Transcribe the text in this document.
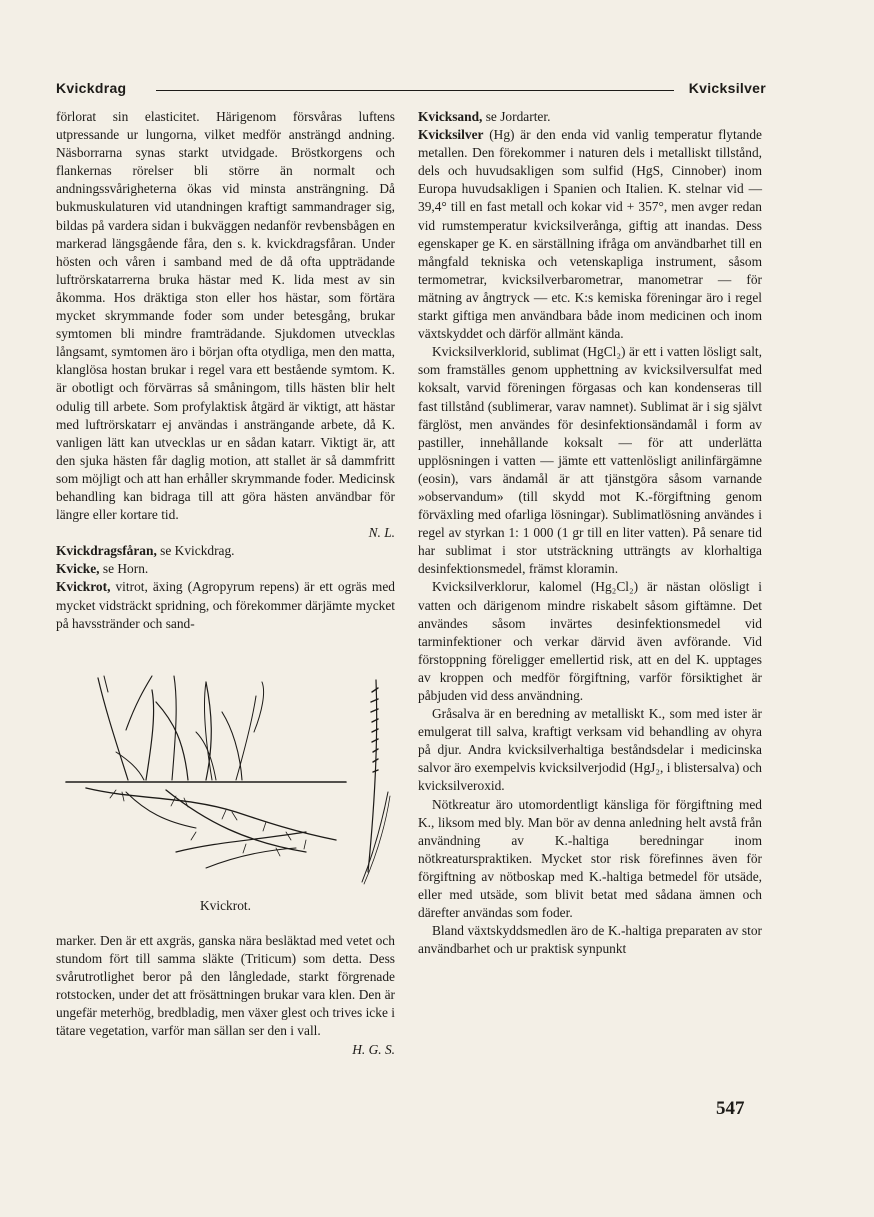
Kvickdrag	Kvicksilver

förlorat sin elasticitet. Härigenom försvåras luftens utpressande ur lungorna, vilket medför ansträngd andning. Näsborrarna synas starkt utvidgade. Bröstkorgens och flankernas rörelser bli större än normalt och andningssvårigheterna ökas vid minsta ansträngning. Då bukmuskulaturen vid utandningen kraftigt sammandrager sig, bildas på vardera sidan i bukväggen nedanför revbensbågen en markerad längsgående fåra, den s. k. kvickdragsfåran. Under hösten och våren i samband med de då ofta uppträdande luftrörskatarrerna bruka hästar med K. lida mest av sin åkomma. Hos dräktiga ston eller hos hästar, som förtära mycket skrymmande foder som under betesgång, brukar symtomen bli mindre framträdande. Sjukdomen utvecklas långsamt, symtomen äro i början ofta otydliga, men den matta, klanglösa hostan brukar i regel vara ett bestående symtom. K. är obotligt och förvärras så småningom, tills hästen blir helt odulig till arbete. Som profylaktisk åtgärd är viktigt, att hästar med luftrörskatarr ej användas i ansträngande arbete, då K. vanligen lätt kan utvecklas ur en sådan katarr. Viktigt är, att den sjuka hästen får daglig motion, att stallet är så dammfritt som möjligt och att han erhåller skrymmande foder. Medicinsk behandling kan bidraga till att göra hästen användbar för längre eller kortare tid.
N. L.

Kvickdragsfåran, se Kvickdrag.

Kvicke, se Horn.

Kvickrot, vitrot, äxing (Agropyrum repens) är ett ogräs med mycket vidsträckt spridning, och förekommer därjämte mycket på havsstränder och sand-

Kvickrot.

marker. Den är ett axgräs, ganska nära besläktad med vetet och stundom fört till samma släkte (Triticum) som detta. Dess svårutrotlighet beror på den långledade, starkt förgrenade rotstocken, under det att frösättningen brukar vara klen. Den är ungefär meterhög, bredbladig, men växer glest och trives icke i tätare vegetation, varför man sällan ser den i vall.
H. G. S.

Kvicksand, se Jordarter.

Kvicksilver (Hg) är den enda vid vanlig temperatur flytande metallen. Den förekommer i naturen dels i metalliskt tillstånd, dels och huvudsakligen som sulfid (HgS, Cinnober) inom Europa huvudsakligen i Spanien och Italien. K. stelnar vid — 39,4° till en fast metall och kokar vid + 357°, men avger redan vid rumstemperatur kvicksilverånga, giftig att inandas. Dess egenskaper ge K. en särställning ifråga om användbarhet till en mångfald tekniska och vetenskapliga instrument, såsom termometrar, kvicksilverbarometrar, manometrar — för mätning av ångtryck — etc. K:s kemiska föreningar äro i regel starkt giftiga men användbara både inom medicinen och inom växtskyddet och därför allmänt kända.

Kvicksilverklorid, sublimat (HgCl₂) är ett i vatten lösligt salt, som framställes genom upphettning av kvicksilversulfat med koksalt, varvid föreningen förgasas och kan kondenseras till fast tillstånd (sublimerar, varav namnet). Sublimat är i sig självt färglöst, men användes för desinfektionsändamål i form av pastiller, innehållande koksalt — för att underlätta upplösningen i vatten — jämte ett vattenlösligt anilinfärgämne (eosin), vars ändamål är att tjänstgöra såsom varnande »observandum» (till skydd mot K.-förgiftning genom förväxling med ofarliga lösningar). Sublimatlösning användes i regel av styrkan 1: 1 000 (1 gr till en liter vatten). På senare tid har sublimat i stor utsträckning utträngts av klorhaltiga desinfektionsmedel, främst kloramin.

Kvicksilverklorur, kalomel (Hg₂Cl₂) är nästan olösligt i vatten och därigenom mindre riskabelt såsom giftämne. Det användes såsom invärtes desinfektionsmedel vid tarminfektioner och verkar därvid även avförande. Vid förstoppning föreligger emellertid risk, att en del K. upptages av kroppen och medför förgiftning, varför försiktighet är påbjuden vid dess användning.

Gråsalva är en beredning av metalliskt K., som med ister är emulgerat till salva, kraftigt verksam vid behandling av ohyra på djur. Andra kvicksilverhaltiga beståndsdelar i medicinska salvor äro exempelvis kvicksilverjodid (HgJ₂, i blistersalva) och kvicksilveroxid.

Nötkreatur äro utomordentligt känsliga för förgiftning med K., liksom med bly. Man bör av denna anledning helt avstå från användning av K.-haltiga beredningar inom nötkreaturspraktiken. Mycket stor risk förefinnes även för förgiftning av nötboskap med K.-haltiga betmedel för utsäde, eller med utsäde, som blivit betat med sådana ämnen och därefter användas som foder.

Bland växtskyddsmedlen äro de K.-haltiga preparaten av stor användbarhet och ur praktisk synpunkt

547
